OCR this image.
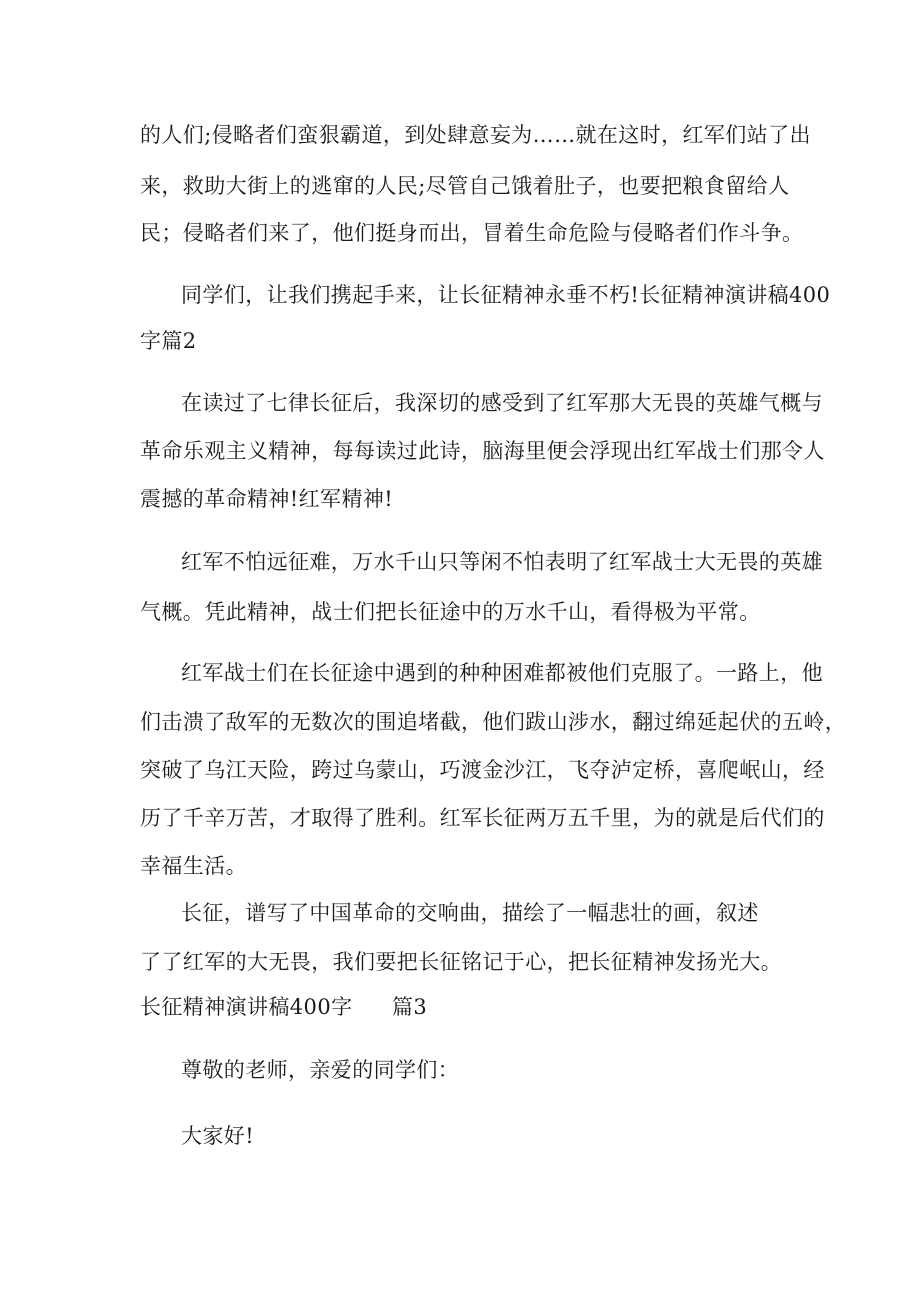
的人们;侵略者们蛮狠霸道，到处肆意妄为……就在这时，红军们站了出
来，救助大街上的逃窜的人民;尽管自己饿着肚子，也要把粮食留给人
民；侵略者们来了，他们挺身而出，冒着生命危险与侵略者们作斗争。
同学们，让我们携起手来，让长征精神永垂不朽!长征精神演讲稿400
字篇2
在读过了七律长征后，我深切的感受到了红军那大无畏的英雄气概与
革命乐观主义精神，每每读过此诗，脑海里便会浮现出红军战士们那令人
震撼的革命精神!红军精神!
红军不怕远征难，万水千山只等闲不怕表明了红军战士大无畏的英雄
气概。凭此精神，战士们把长征途中的万水千山，看得极为平常。
红军战士们在长征途中遇到的种种困难都被他们克服了。一路上，他
们击溃了敌军的无数次的围追堵截，他们跋山涉水，翻过绵延起伏的五岭，
突破了乌江天险，跨过乌蒙山，巧渡金沙江，飞夺泸定桥，喜爬岷山，经
历了千辛万苦，才取得了胜利。红军长征两万五千里，为的就是后代们的
幸福生活。
长征，谱写了中国革命的交响曲，描绘了一幅悲壮的画，叙述
了了红军的大无畏，我们要把长征铭记于心，把长征精神发扬光大。
长征精神演讲稿400字 篇3
尊敬的老师，亲爱的同学们：
大家好!
